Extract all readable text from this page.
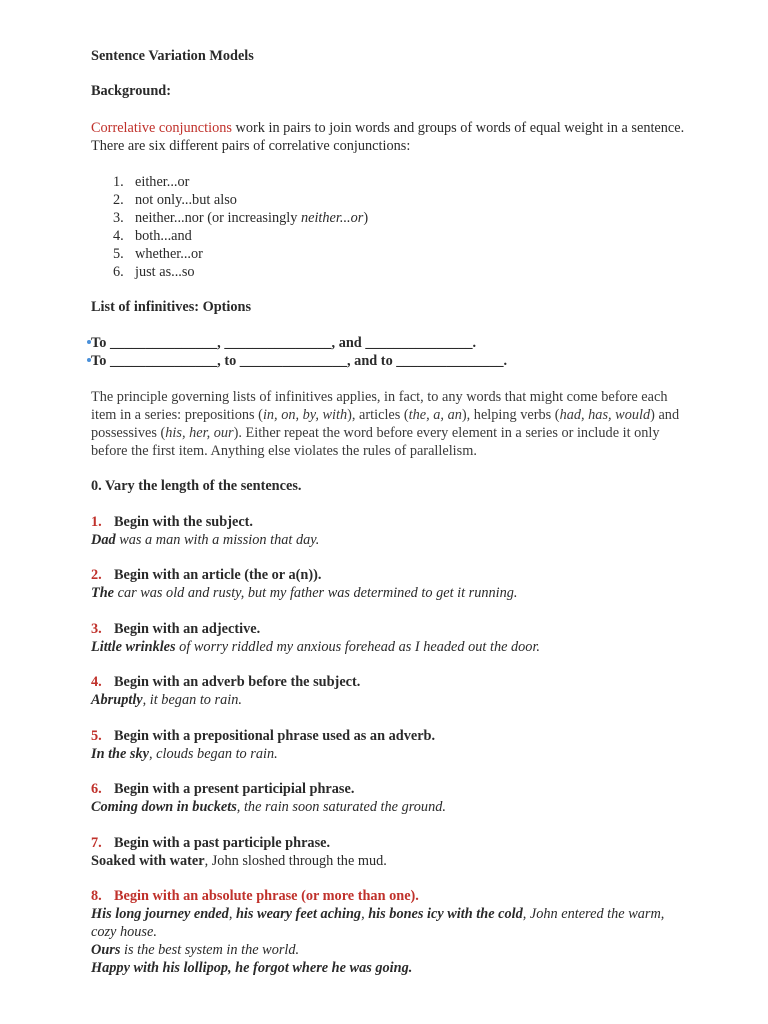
Sentence Variation Models
Background:
Correlative conjunctions work in pairs to join words and groups of words of equal weight in a sentence.
There are six different pairs of correlative conjunctions:
1. either...or
2. not only...but also
3. neither...nor (or increasingly neither...or)
4. both...and
5. whether...or
6. just as...so
List of infinitives: Options
To _______________, _______________, and _______________.
To _______________, to _______________, and to _______________.
The principle governing lists of infinitives applies, in fact, to any words that might come before each
item in a series: prepositions (in, on, by, with), articles (the, a, an), helping verbs (had, has, would) and
possessives (his, her, our). Either repeat the word before every element in a series or include it only
before the first item. Anything else violates the rules of parallelism.
0. Vary the length of the sentences.
1. Begin with the subject.
Dad was a man with a mission that day.
2. Begin with an article (the or a(n)).
The car was old and rusty, but my father was determined to get it running.
3. Begin with an adjective.
Little wrinkles of worry riddled my anxious forehead as I headed out the door.
4. Begin with an adverb before the subject.
Abruptly, it began to rain.
5. Begin with a prepositional phrase used as an adverb.
In the sky, clouds began to rain.
6. Begin with a present participial phrase.
Coming down in buckets, the rain soon saturated the ground.
7. Begin with a past participle phrase.
Soaked with water, John sloshed through the mud.
8. Begin with an absolute phrase (or more than one).
His long journey ended, his weary feet aching, his bones icy with the cold, John entered the warm,
cozy house.
Ours is the best system in the world.
Happy with his lollipop, he forgot where he was going.
